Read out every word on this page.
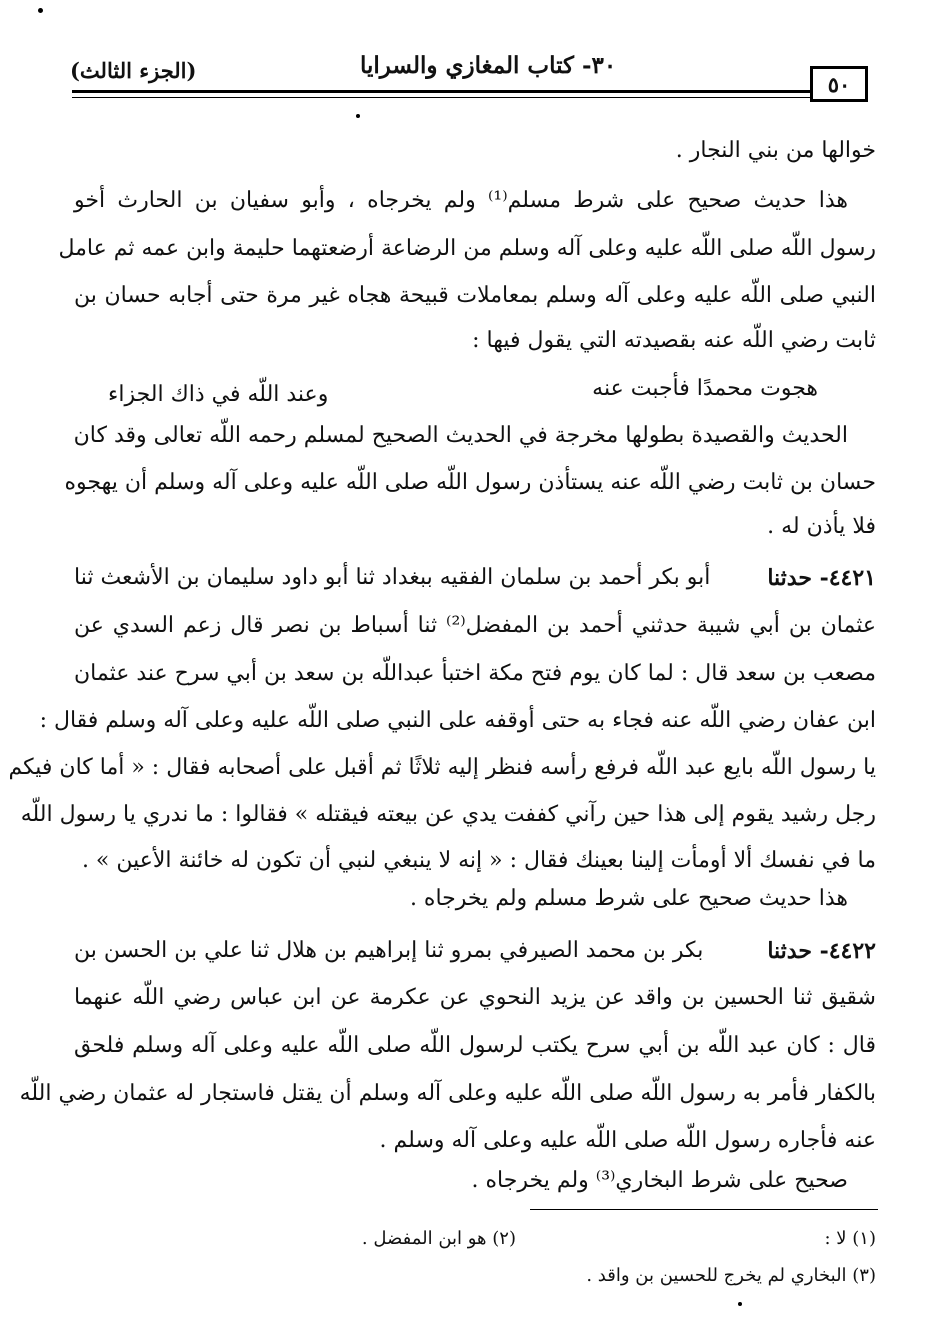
(الجزء الثالث)	٣٠- كتاب المغازي والسرايا
٥٠
خوالها من بني النجار .
هذا حديث صحيح على شرط مسلم⁽¹⁾ ولم يخرجاه ، وأبو سفيان بن الحارث أخو
رسول اللّه صلى اللّه عليه وعلى آله وسلم من الرضاعة أرضعتهما حليمة وابن عمه ثم عامل
النبي صلى اللّه عليه وعلى آله وسلم بمعاملات قبيحة هجاه غير مرة حتى أجابه حسان بن
ثابت رضي اللّه عنه بقصيدته التي يقول فيها :
هجوت محمدًا فأجبت عنه
وعند اللّه في ذاك الجزاء
الحديث والقصيدة بطولها مخرجة في الحديث الصحيح لمسلم رحمه اللّه تعالى وقد كان
حسان بن ثابت رضي اللّه عنه يستأذن رسول اللّه صلى اللّه عليه وعلى آله وسلم أن يهجوه
فلا يأذن له .
٤٤٢١- حدثنا
أبو بكر أحمد بن سلمان الفقيه ببغداد ثنا أبو داود سليمان بن الأشعث ثنا
عثمان بن أبي شيبة حدثني أحمد بن المفضل⁽²⁾ ثنا أسباط بن نصر قال زعم السدي عن
مصعب بن سعد قال : لما كان يوم فتح مكة اختبأ عبداللّه بن سعد بن أبي سرح عند عثمان
ابن عفان رضي اللّه عنه فجاء به حتى أوقفه على النبي صلى اللّه عليه وعلى آله وسلم فقال :
يا رسول اللّه بايع عبد اللّه فرفع رأسه فنظر إليه ثلاثًا ثم أقبل على أصحابه فقال : « أما كان فيكم
رجل رشيد يقوم إلى هذا حين رآني كففت يدي عن بيعته فيقتله » فقالوا : ما ندري يا رسول اللّه
ما في نفسك ألا أومأت إلينا بعينك فقال : « إنه لا ينبغي لنبي أن تكون له خائنة الأعين » .
هذا حديث صحيح على شرط مسلم ولم يخرجاه .
٤٤٢٢- حدثنا
بكر بن محمد الصيرفي بمرو ثنا إبراهيم بن هلال ثنا علي بن الحسن بن
شقيق ثنا الحسين بن واقد عن يزيد النحوي عن عكرمة عن ابن عباس رضي اللّه عنهما
قال : كان عبد اللّه بن أبي سرح يكتب لرسول اللّه صلى اللّه عليه وعلى آله وسلم فلحق
بالكفار فأمر به رسول اللّه صلى اللّه عليه وعلى آله وسلم أن يقتل فاستجار له عثمان رضي اللّه
عنه فأجاره رسول اللّه صلى اللّه عليه وعلى آله وسلم .
صحيح على شرط البخاري⁽³⁾ ولم يخرجاه .
(١) لا :
(٢) هو ابن المفضل .
(٣) البخاري لم يخرج للحسين بن واقد .
